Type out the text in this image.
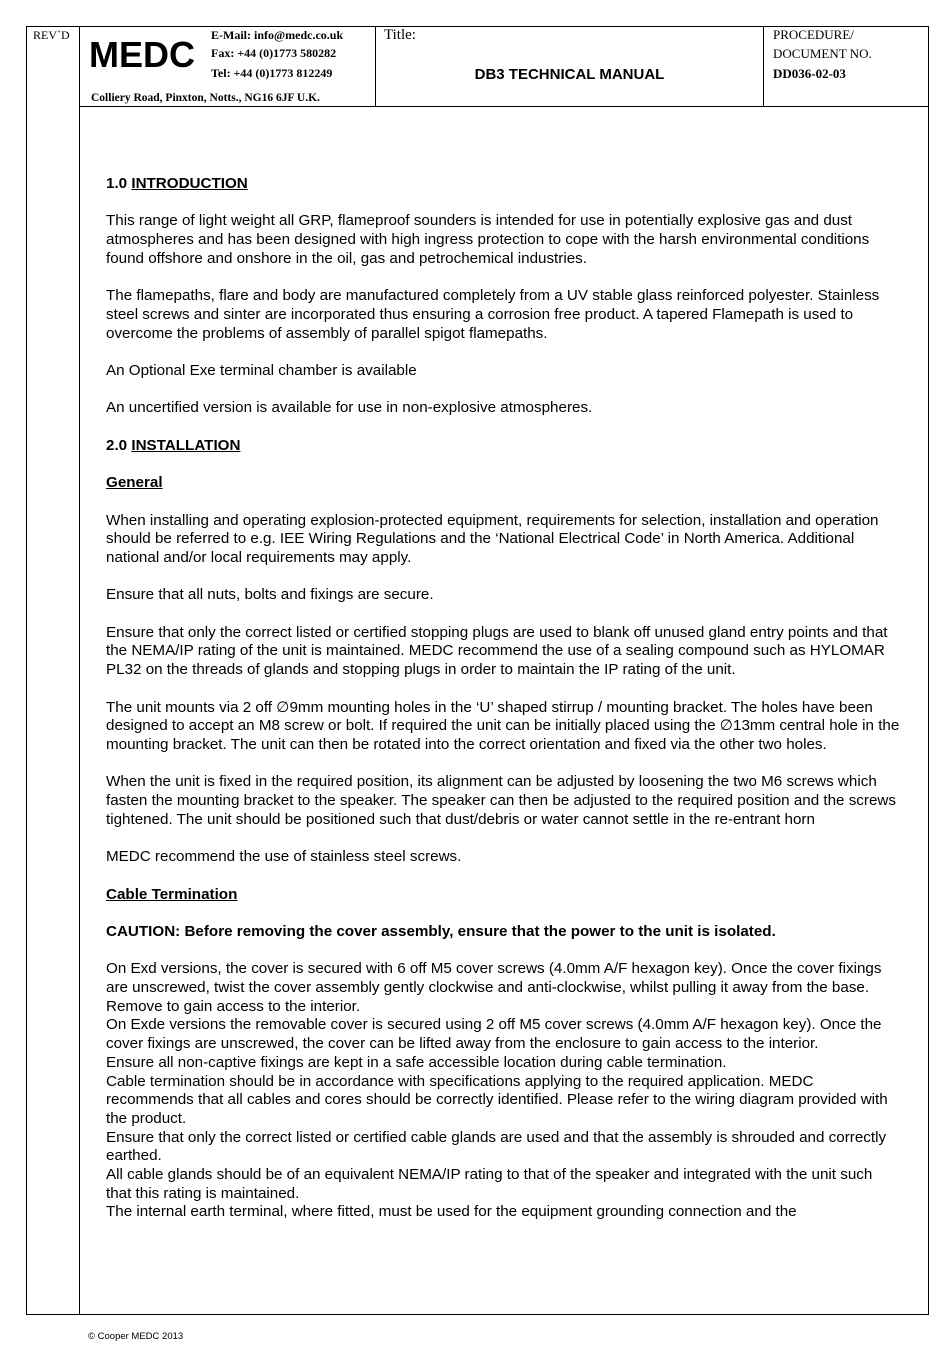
REV`D MEDC E-Mail: info@medc.co.uk
Fax: +44 (0)1773 580282
Tel: +44 (0)1773 812249
Colliery Road, Pinxton, Notts., NG16 6JF U.K.
Title:
DB3 TECHNICAL MANUAL
PROCEDURE/
DOCUMENT NO.
DD036-02-03

1.0 INTRODUCTION

This range of light weight all GRP, flameproof sounders is intended for use in potentially explosive gas and dust atmospheres and has been designed with high ingress protection to cope with the harsh environmental conditions found offshore and onshore in the oil, gas and petrochemical industries.

The flamepaths, flare and body are manufactured completely from a UV stable glass reinforced polyester. Stainless steel screws and sinter are incorporated thus ensuring a corrosion free product. A tapered Flamepath is used to overcome the problems of assembly of parallel spigot flamepaths.

An Optional Exe terminal chamber is available

An uncertified version is available for use in non-explosive atmospheres.

2.0 INSTALLATION

General

When installing and operating explosion-protected equipment, requirements for selection, installation and operation should be referred to e.g. IEE Wiring Regulations and the ‘National Electrical Code’ in North America. Additional national and/or local requirements may apply.

Ensure that all nuts, bolts and fixings are secure.

Ensure that only the correct listed or certified stopping plugs are used to blank off unused gland entry points and that the NEMA/IP rating of the unit is maintained. MEDC recommend the use of a sealing compound such as HYLOMAR PL32 on the threads of glands and stopping plugs in order to maintain the IP rating of the unit.

The unit mounts via 2 off ∅9mm mounting holes in the ‘U’ shaped stirrup / mounting bracket. The holes have been designed to accept an M8 screw or bolt. If required the unit can be initially placed using the ∅13mm central hole in the mounting bracket. The unit can then be rotated into the correct orientation and fixed via the other two holes.

When the unit is fixed in the required position, its alignment can be adjusted by loosening the two M6 screws which fasten the mounting bracket to the speaker. The speaker can then be adjusted to the required position and the screws tightened. The unit should be positioned such that dust/debris or water cannot settle in the re-entrant horn

MEDC recommend the use of stainless steel screws.

Cable Termination

CAUTION: Before removing the cover assembly, ensure that the power to the unit is isolated.

On Exd versions, the cover is secured with 6 off M5 cover screws (4.0mm A/F hexagon key). Once the cover fixings are unscrewed, twist the cover assembly gently clockwise and anti-clockwise, whilst pulling it away from the base. Remove to gain access to the interior.

On Exde versions the removable cover is secured using 2 off M5 cover screws (4.0mm A/F hexagon key). Once the cover fixings are unscrewed, the cover can be lifted away from the enclosure to gain access to the interior.

Ensure all non-captive fixings are kept in a safe accessible location during cable termination.

Cable termination should be in accordance with specifications applying to the required application. MEDC recommends that all cables and cores should be correctly identified. Please refer to the wiring diagram provided with the product.

Ensure that only the correct listed or certified cable glands are used and that the assembly is shrouded and correctly earthed.

All cable glands should be of an equivalent NEMA/IP rating to that of the speaker and integrated with the unit such that this rating is maintained.

The internal earth terminal, where fitted, must be used for the equipment grounding connection and the

© Cooper MEDC 2013
